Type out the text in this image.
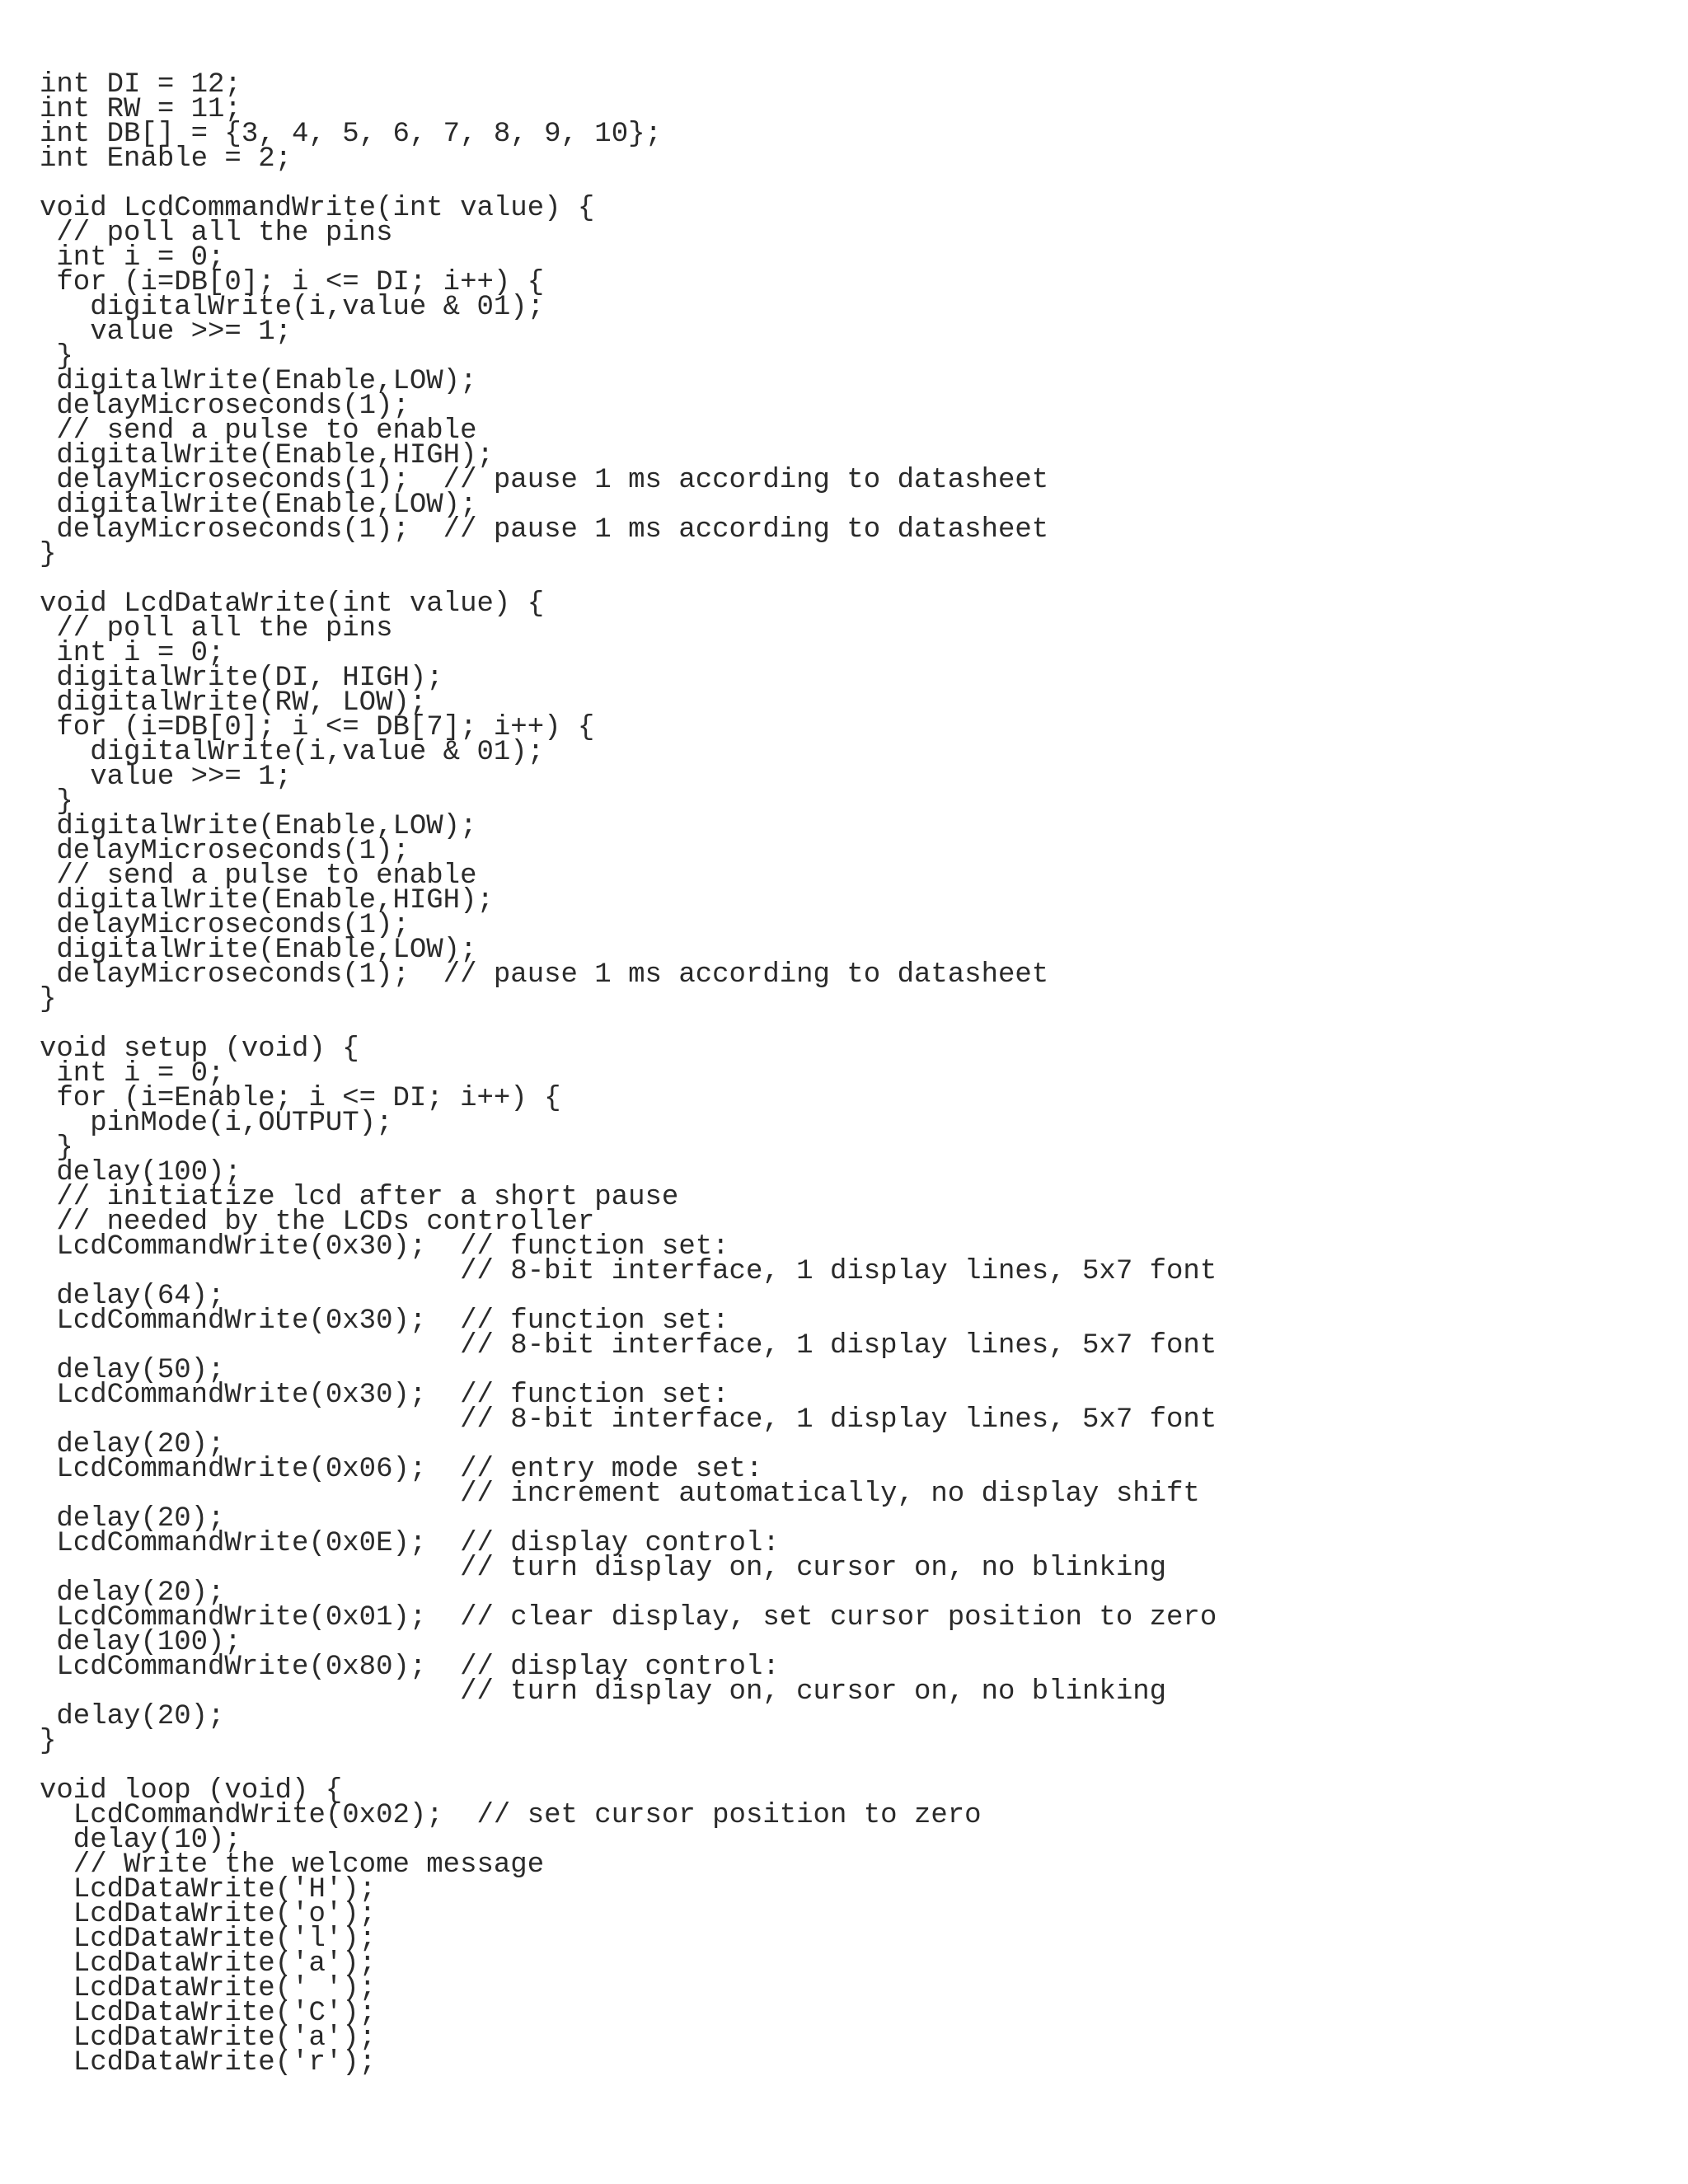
int DI = 12;
int RW = 11;
int DB[] = {3, 4, 5, 6, 7, 8, 9, 10};
int Enable = 2;
void LcdCommandWrite(int value) {
// poll all the pins
int i = 0;
for (i=DB[0]; i <= DI; i++) {
digitalWrite(i,value & 01);
value >>= 1;
}
digitalWrite(Enable,LOW);
delayMicroseconds(1);
// send a pulse to enable
digitalWrite(Enable,HIGH);
delayMicroseconds(1);  // pause 1 ms according to datasheet
digitalWrite(Enable,LOW);
delayMicroseconds(1);  // pause 1 ms according to datasheet
}
void LcdDataWrite(int value) {
// poll all the pins
int i = 0;
digitalWrite(DI, HIGH);
digitalWrite(RW, LOW);
for (i=DB[0]; i <= DB[7]; i++) {
digitalWrite(i,value & 01);
value >>= 1;
}
digitalWrite(Enable,LOW);
delayMicroseconds(1);
// send a pulse to enable
digitalWrite(Enable,HIGH);
delayMicroseconds(1);
digitalWrite(Enable,LOW);
delayMicroseconds(1);  // pause 1 ms according to datasheet
}
void setup (void) {
int i = 0;
for (i=Enable; i <= DI; i++) {
pinMode(i,OUTPUT);
}
delay(100);
// initiatize lcd after a short pause
// needed by the LCDs controller
LcdCommandWrite(0x30);  // function set:
// 8-bit interface, 1 display lines, 5x7 font
delay(64);
LcdCommandWrite(0x30);  // function set:
// 8-bit interface, 1 display lines, 5x7 font
delay(50);
LcdCommandWrite(0x30);  // function set:
// 8-bit interface, 1 display lines, 5x7 font
delay(20);
LcdCommandWrite(0x06);  // entry mode set:
// increment automatically, no display shift
delay(20);
LcdCommandWrite(0x0E);  // display control:
// turn display on, cursor on, no blinking
delay(20);
LcdCommandWrite(0x01);  // clear display, set cursor position to zero
delay(100);
LcdCommandWrite(0x80);  // display control:
// turn display on, cursor on, no blinking
delay(20);
}
void loop (void) {
LcdCommandWrite(0x02);  // set cursor position to zero
delay(10);
// Write the welcome message
LcdDataWrite('H');
LcdDataWrite('o');
LcdDataWrite('l');
LcdDataWrite('a');
LcdDataWrite(' ');
LcdDataWrite('C');
LcdDataWrite('a');
LcdDataWrite('r');
